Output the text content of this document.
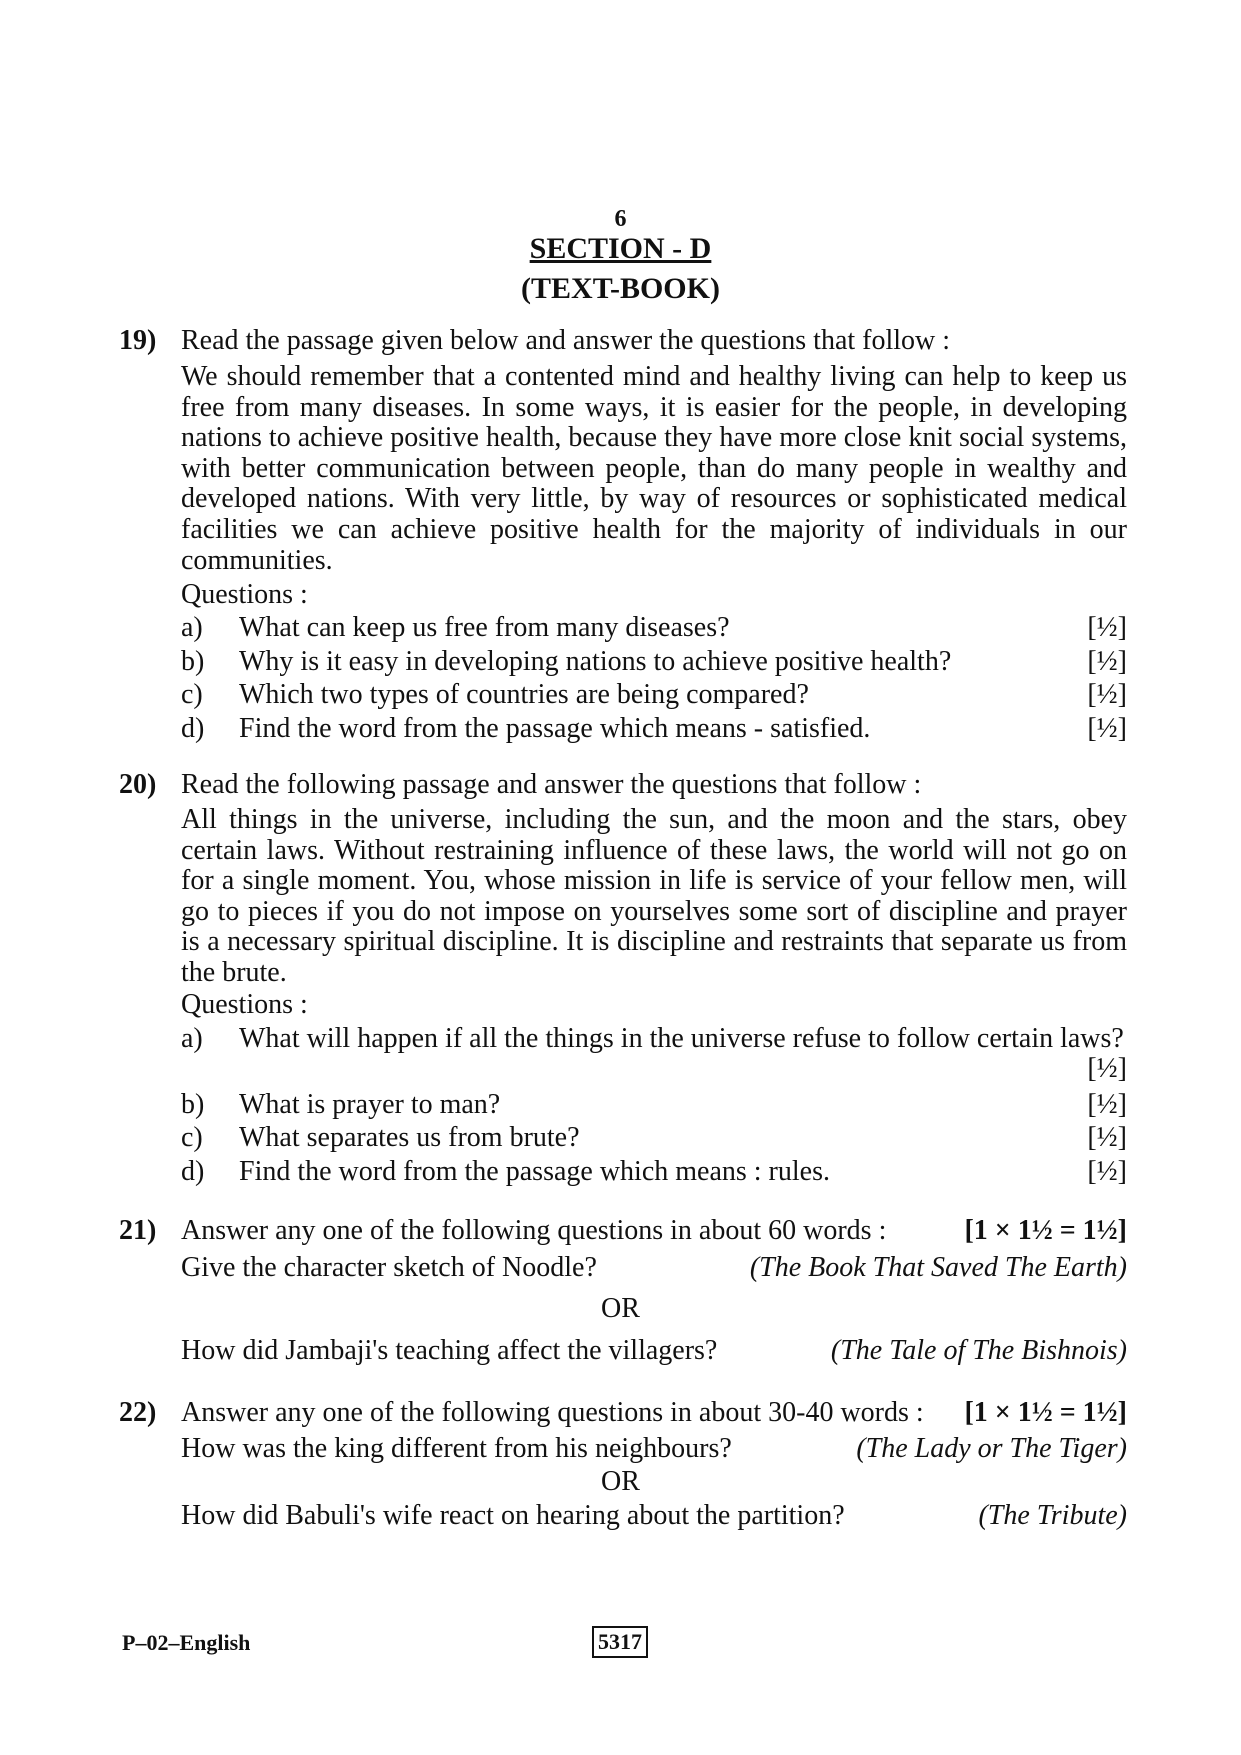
6
SECTION - D
(TEXT-BOOK)
19) Read the passage given below and answer the questions that follow :
We should remember that a contented mind and healthy living can help to keep us free from many diseases. In some ways, it is easier for the people, in developing nations to achieve positive health, because they have more close knit social systems, with better communication between people, than do many people in wealthy and developed nations. With very little, by way of resources or sophisticated medical facilities we can achieve positive health for the majority of individuals in our communities.
Questions :
a)	What can keep us free from many diseases?	[½]
b)	Why is it easy in developing nations to achieve positive health?	[½]
c)	Which two types of countries are being compared?	[½]
d)	Find the word from the passage which means - satisfied.	[½]
20) Read the following passage and answer the questions that follow :
All things in the universe, including the sun, and the moon and the stars, obey certain laws. Without restraining influence of these laws, the world will not go on for a single moment. You, whose mission in life is service of your fellow men, will go to pieces if you do not impose on yourselves some sort of discipline and prayer is a necessary spiritual discipline. It is discipline and restraints that separate us from the brute.
Questions :
a)	What will happen if all the things in the universe refuse to follow certain laws?
[½]
b)	What is prayer to man?	[½]
c)	What separates us from brute?	[½]
d)	Find the word from the passage which means : rules.	[½]
21) Answer any one of the following questions in about 60 words :	[1 × 1½ = 1½]
Give the character sketch of Noodle?	(The Book That Saved The Earth)
OR
How did Jambaji's teaching affect the villagers?	(The Tale of The Bishnois)
22) Answer any one of the following questions in about 30-40 words : [1 × 1½ = 1½]
How was the king different from his neighbours?	(The Lady or The Tiger)
OR
How did Babuli's wife react on hearing about the partition?	(The Tribute)
P–02–English	5317
